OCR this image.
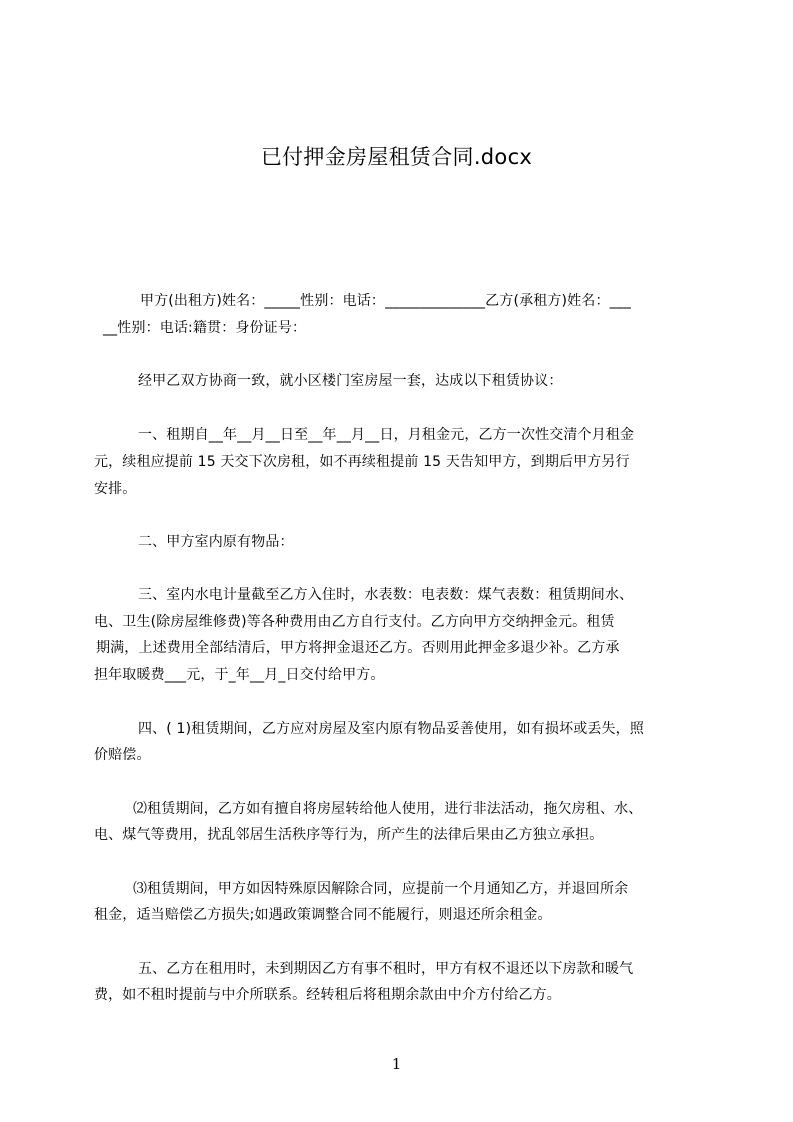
已付押金房屋租赁合同.docx
甲方(出租方)姓名：_____性别：电话：______________乙方(承租方)姓名：___
__性别：电话:籍贯：身份证号：
经甲乙双方协商一致，就小区楼门室房屋一套，达成以下租赁协议：
一、租期自__年__月__日至__年__月__日，月租金元，乙方一次性交清个月租金
元，续租应提前 15 天交下次房租，如不再续租提前 15 天告知甲方，到期后甲方另行
安排。
二、甲方室内原有物品：
三、室内水电计量截至乙方入住时，水表数：电表数：煤气表数：租赁期间水、
电、卫生(除房屋维修费)等各种费用由乙方自行支付。乙方向甲方交纳押金元。租赁
期满，上述费用全部结清后，甲方将押金退还乙方。否则用此押金多退少补。乙方承
担年取暖费___元，于_年__月_日交付给甲方。
四、( 1)租赁期间，乙方应对房屋及室内原有物品妥善使用，如有损坏或丢失，照
价赔偿。
⑵租赁期间，乙方如有擅自将房屋转给他人使用，进行非法活动，拖欠房租、水、
电、煤气等费用，扰乱邻居生活秩序等行为，所产生的法律后果由乙方独立承担。
⑶租赁期间，甲方如因特殊原因解除合同，应提前一个月通知乙方，并退回所余
租金，适当赔偿乙方损失;如遇政策调整合同不能履行，则退还所余租金。
五、乙方在租用时，未到期因乙方有事不租时，甲方有权不退还以下房款和暖气
费，如不租时提前与中介所联系。经转租后将租期余款由中介方付给乙方。
1
